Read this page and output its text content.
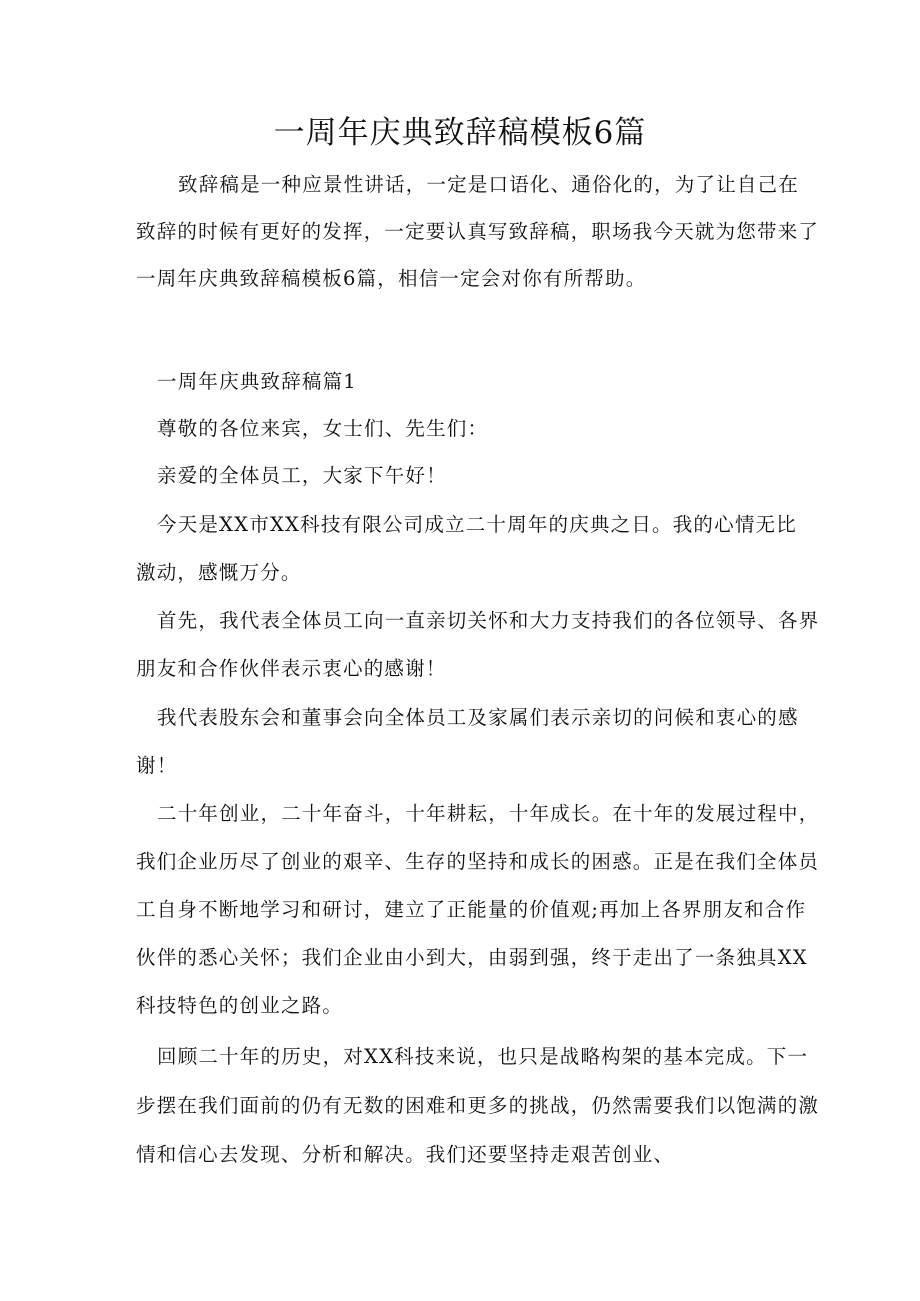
一周年庆典致辞稿模板6篇
致辞稿是一种应景性讲话，一定是口语化、通俗化的，为了让自己在
致辞的时候有更好的发挥，一定要认真写致辞稿，职场我今天就为您带来了
一周年庆典致辞稿模板6篇，相信一定会对你有所帮助。
一周年庆典致辞稿篇1
尊敬的各位来宾，女士们、先生们：
亲爱的全体员工，大家下午好！
今天是XX市XX科技有限公司成立二十周年的庆典之日。我的心情无比
激动，感慨万分。
首先，我代表全体员工向一直亲切关怀和大力支持我们的各位领导、各界
朋友和合作伙伴表示衷心的感谢！
我代表股东会和董事会向全体员工及家属们表示亲切的问候和衷心的感
谢！
二十年创业，二十年奋斗，十年耕耘，十年成长。在十年的发展过程中，
我们企业历尽了创业的艰辛、生存的坚持和成长的困惑。正是在我们全体员
工自身不断地学习和研讨，建立了正能量的价值观;再加上各界朋友和合作
伙伴的悉心关怀；我们企业由小到大，由弱到强，终于走出了一条独具XX
科技特色的创业之路。
回顾二十年的历史，对XX科技来说，也只是战略构架的基本完成。下一
步摆在我们面前的仍有无数的困难和更多的挑战，仍然需要我们以饱满的激
情和信心去发现、分析和解决。我们还要坚持走艰苦创业、
